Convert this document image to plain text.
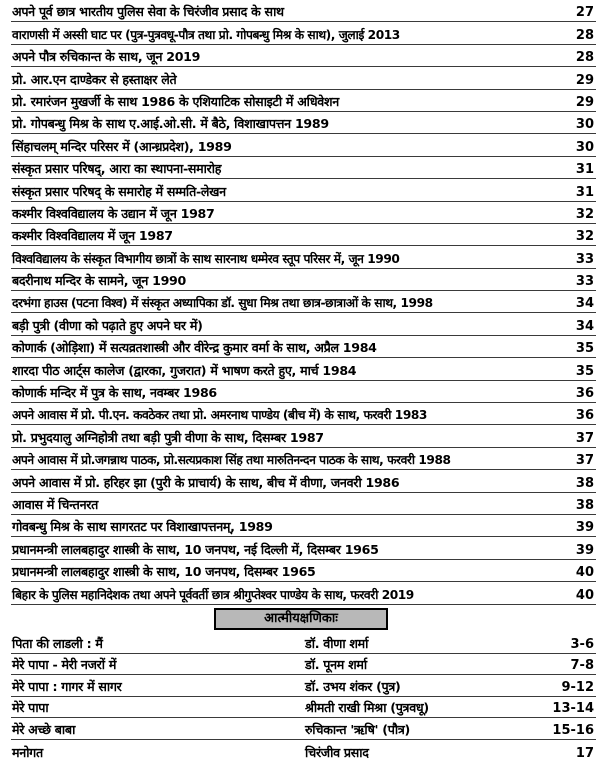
अपने पूर्व छात्र भारतीय पुलिस सेवा के चिरंजीव प्रसाद के साथ	27
वाराणसी में अस्सी घाट पर (पुत्र-पुत्रवधू-पौत्र तथा प्रो. गोपबन्धु मिश्र के साथ), जुलाई 2013	28
अपने पौत्र रुचिकान्त के साथ, जून 2019	28
प्रो. आर.एन दाण्डेकर से हस्ताक्षर लेते	29
प्रो. रमारंजन मुखर्जी के साथ 1986 के एशियाटिक सोसाइटी में अधिवेशन	29
प्रो. गोपबन्धु मिश्र के साथ ए.आई.ओ.सी. में बैठे, विशाखापत्तन 1989	30
सिंहाचलम् मन्दिर परिसर में (आन्ध्रप्रदेश), 1989	30
संस्कृत प्रसार परिषद्, आरा का स्थापना-समारोह	31
संस्कृत प्रसार परिषद् के समारोह में सम्मति-लेखन	31
कश्मीर विश्वविद्यालय के उद्यान में जून 1987	32
कश्मीर विश्वविद्यालय में जून 1987	32
विश्वविद्यालय के संस्कृत विभागीय छात्रों के साथ सारनाथ धम्मेरव स्तूप परिसर में, जून 1990	33
बदरीनाथ मन्दिर के सामने, जून 1990	33
दरभंगा हाउस (पटना विश्व) में संस्कृत अध्यापिका डॉ. सुधा मिश्र तथा छात्र-छात्राओं के साथ, 1998	34
बड़ी पुत्री (वीणा को पढ़ाते हुए अपने घर में)	34
कोणार्क (ओड़िशा) में सत्यव्रतशास्त्री और वीरेन्द्र कुमार वर्मा के साथ, अप्रैल 1984	35
शारदा पीठ आर्ट्स कालेज (द्वारका, गुजरात) में भाषण करते हुए, मार्च 1984	35
कोणार्क मन्दिर में पुत्र के साथ, नवम्बर 1986	36
अपने आवास में प्रो. पी.एन. कवठेकर तथा प्रो. अमरनाथ पाण्डेय (बीच में) के साथ, फरवरी 1983	36
प्रो. प्रभुदयालु अग्निहोत्री तथा बड़ी पुत्री वीणा के साथ, दिसम्बर 1987	37
अपने आवास में प्रो.जगन्नाथ पाठक, प्रो.सत्यप्रकाश सिंह तथा मारुतिनन्दन पाठक के साथ, फरवरी 1988	37
अपने आवास में प्रो. हरिहर झा (पुरी के प्राचार्य) के साथ, बीच में वीणा, जनवरी 1986	38
आवास में चिन्तनरत	38
गोवबन्धु मिश्र के साथ सागरतट पर विशाखापत्तनम्, 1989	39
प्रधानमन्त्री लालबहादुर शास्त्री के साथ, 10 जनपथ, नई दिल्ली में, दिसम्बर 1965	39
प्रधानमन्त्री लालबहादुर शास्त्री के साथ, 10 जनपथ, दिसम्बर 1965	40
बिहार के पुलिस महानिदेशक तथा अपने पूर्ववर्ती छात्र श्रीगुप्तेश्वर पाण्डेय के साथ, फरवरी 2019	40
आत्मीयक्षणिकाः
पिता की लाडली : मैं	डॉ. वीणा शर्मा	3-6
मेरे पापा - मेरी नजरों में	डॉ. पूनम शर्मा	7-8
मेरे पापा : गागर में सागर	डॉ. उभय शंकर (पुत्र)	9-12
मेरे पापा	श्रीमती राखी मिश्रा (पुत्रवधू)	13-14
मेरे अच्छे बाबा	रुचिकान्त 'ऋषि' (पौत्र)	15-16
मनोगत	चिरंजीव प्रसाद	17
